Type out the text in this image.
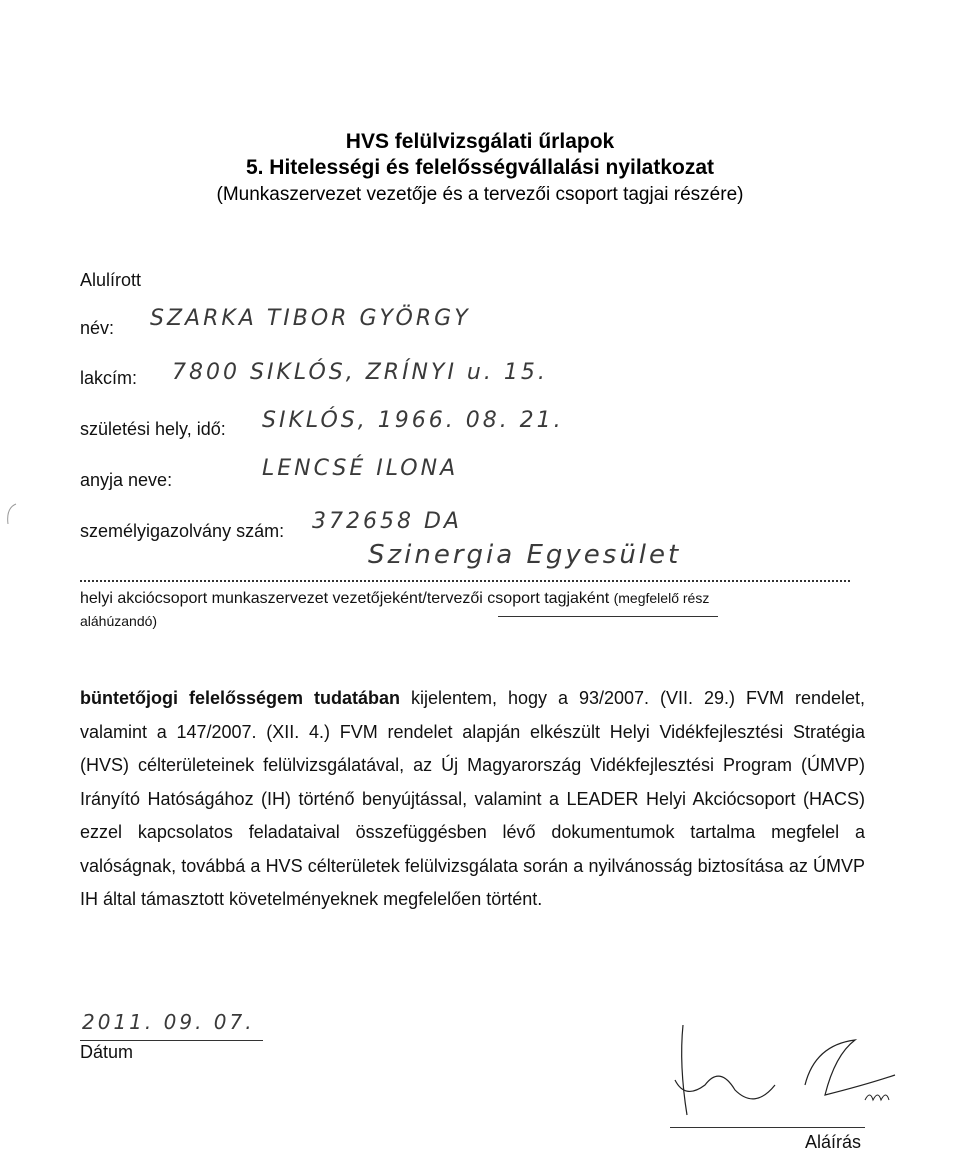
HVS felülvizsgálati űrlapok
5. Hitelességi és felelősségvállalási nyilatkozat
(Munkaszervezet vezetője és a tervezői csoport tagjai részére)
Alulírott
név: SZARKA TIBOR GYÖRGY
lakcím: 7800 SIKLÓS, ZRÍNYI u. 15.
születési hely, idő: SIKLÓS, 1966. 08. 21.
anyja neve:	LENCSÉ ILONA
személyigazolvány szám: 372658 DA
Szinergia Egyesület
helyi akciócsoport munkaszervezet vezetőjeként/tervezői csoport tagjaként (megfelelő rész
aláhúzandó)
büntetőjogi felelősségem tudatában kijelentem, hogy a 93/2007. (VII. 29.) FVM rendelet, valamint a 147/2007. (XII. 4.) FVM rendelet alapján elkészült Helyi Vidékfejlesztési Stratégia (HVS) célterületeinek felülvizsgálatával, az Új Magyarország Vidékfejlesztési Program (ÚMVP) Irányító Hatóságához (IH) történő benyújtással, valamint a LEADER Helyi Akciócsoport (HACS) ezzel kapcsolatos feladataival összefüggésben lévő dokumentumok tartalma megfelel a valóságnak, továbbá a HVS célterületek felülvizsgálata során a nyilvánosság biztosítása az ÚMVP IH által támasztott követelményeknek megfelelően történt.
2011. 09. 07.
Dátum
Aláírás
